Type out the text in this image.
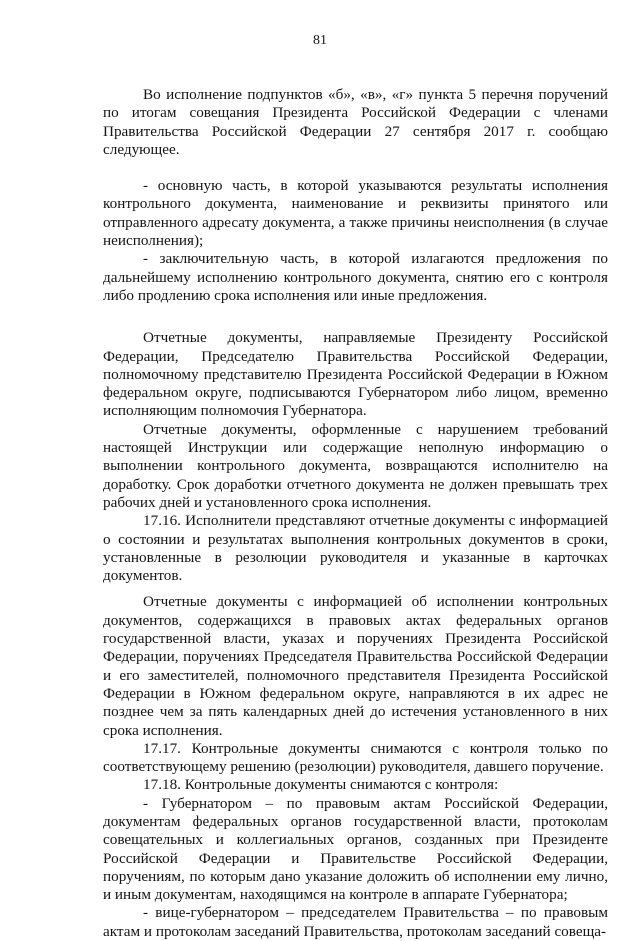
81

Во исполнение подпунктов «б», «в», «г» пункта 5 перечня поручений по итогам совещания Президента Российской Федерации с членами Правительства Российской Федерации 27 сентября 2017 г. сообщаю следующее.

- основную часть, в которой указываются результаты исполнения контрольного документа, наименование и реквизиты принятого или отправленного адресату документа, а также причины неисполнения (в случае неисполнения);

- заключительную часть, в которой излагаются предложения по дальнейшему исполнению контрольного документа, снятию его с контроля либо продлению срока исполнения или иные предложения.

Отчетные документы, направляемые Президенту Российской Федерации, Председателю Правительства Российской Федерации, полномочному представителю Президента Российской Федерации в Южном федеральном округе, подписываются Губернатором либо лицом, временно исполняющим полномочия Губернатора.

Отчетные документы, оформленные с нарушением требований настоящей Инструкции или содержащие неполную информацию о выполнении контрольного документа, возвращаются исполнителю на доработку. Срок доработки отчетного документа не должен превышать трех рабочих дней и установленного срока исполнения.

17.16. Исполнители представляют отчетные документы с информацией о состоянии и результатах выполнения контрольных документов в сроки, установленные в резолюции руководителя и указанные в карточках документов.

Отчетные документы с информацией об исполнении контрольных документов, содержащихся в правовых актах федеральных органов государственной власти, указах и поручениях Президента Российской Федерации, поручениях Председателя Правительства Российской Федерации и его заместителей, полномочного представителя Президента Российской Федерации в Южном федеральном округе, направляются в их адрес не позднее чем за пять календарных дней до истечения установленного в них срока исполнения.

17.17. Контрольные документы снимаются с контроля только по соответствующему решению (резолюции) руководителя, давшего поручение.

17.18. Контрольные документы снимаются с контроля:

- Губернатором – по правовым актам Российской Федерации, документам федеральных органов государственной власти, протоколам совещательных и коллегиальных органов, созданных при Президенте Российской Федерации и Правительстве Российской Федерации, поручениям, по которым дано указание доложить об исполнении ему лично, и иным документам, находящимся на контроле в аппарате Губернатора;

- вице-губернатором – председателем Правительства – по правовым актам и протоколам заседаний Правительства, протоколам заседаний совеща-
